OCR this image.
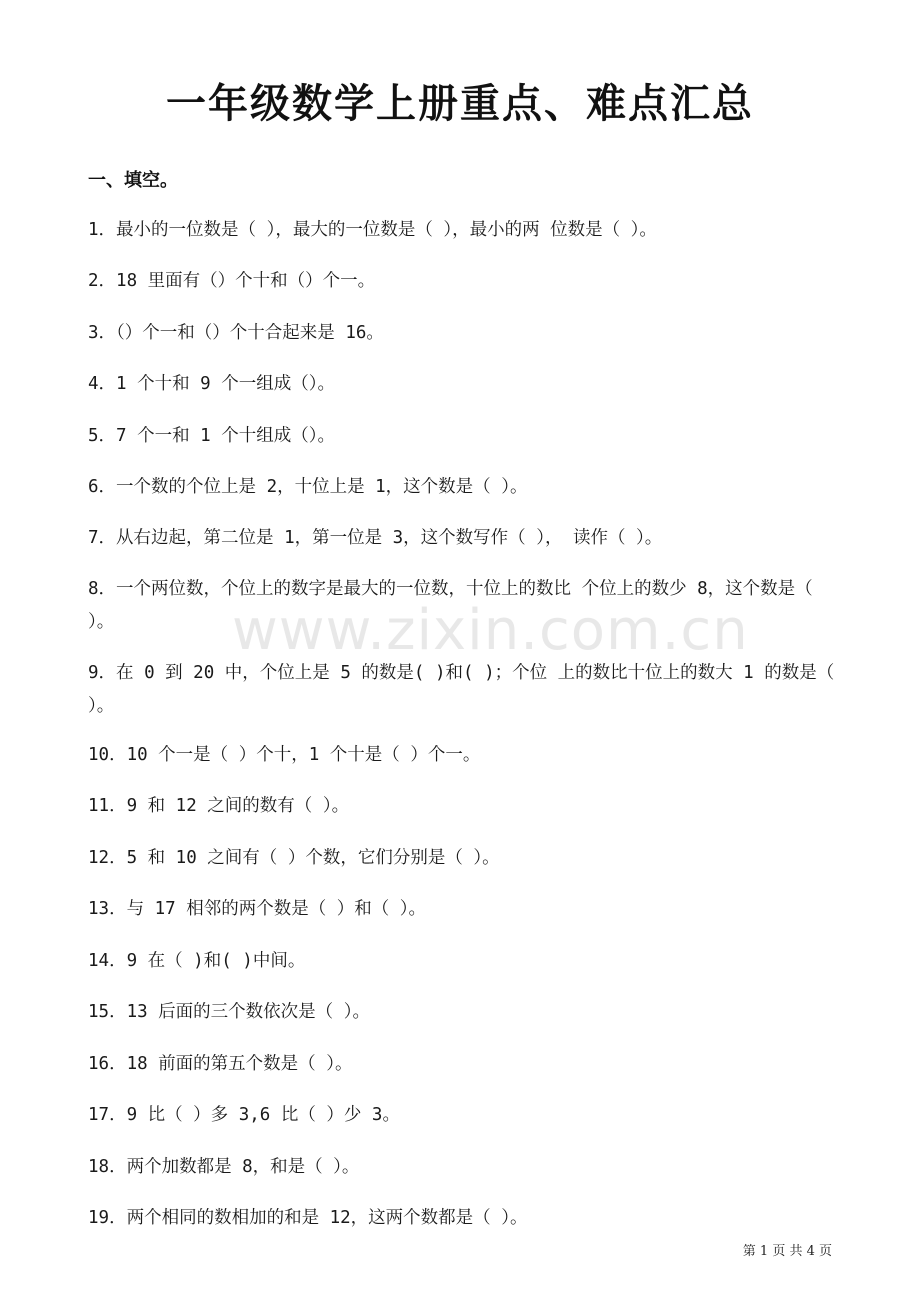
一年级数学上册重点、难点汇总
一、填空。

1．最小的一位数是（ ），最大的一位数是（ ），最小的两 位数是（ ）。

2．18 里面有（）个十和（）个一。

3．（）个一和（）个十合起来是 16。

4．1 个十和 9 个一组成（）。

5．7 个一和 1 个十组成（）。

6．一个数的个位上是 2，十位上是 1，这个数是（ ）。

7．从右边起，第二位是 1，第一位是 3，这个数写作（ ）， 读作（ ）。

8．一个两位数，个位上的数字是最大的一位数，十位上的数比 个位上的数少 8，这个数是（ ）。

9．在 0 到 20 中，个位上是 5 的数是( )和( )；个位 上的数比十位上的数大 1 的数是（ ）。

10．10 个一是（ ）个十，1 个十是（ ）个一。

11．9 和 12 之间的数有（ ）。

12．5 和 10 之间有（ ）个数，它们分别是（ ）。

13．与 17 相邻的两个数是（ ）和（ ）。

14．9 在（ )和( )中间。

15．13 后面的三个数依次是（ ）。

16．18 前面的第五个数是（ ）。

17．9 比（ ）多 3,6 比（ ）少 3。

18．两个加数都是 8，和是（ ）。

19．两个相同的数相加的和是 12，这两个数都是（ ）。

www.zixin.com.cn
第 1 页 共 4 页
